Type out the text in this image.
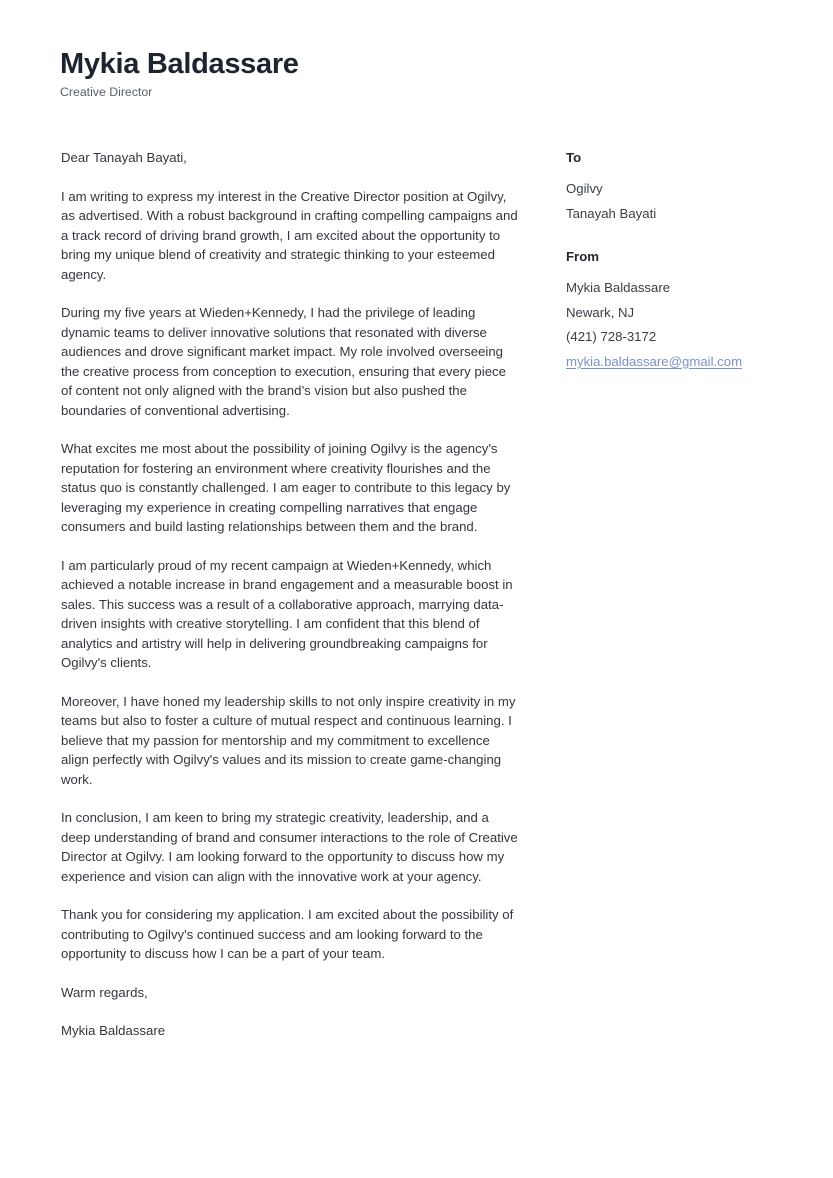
Mykia Baldassare
Creative Director

Dear Tanayah Bayati,

I am writing to express my interest in the Creative Director position at Ogilvy, as advertised. With a robust background in crafting compelling campaigns and a track record of driving brand growth, I am excited about the opportunity to bring my unique blend of creativity and strategic thinking to your esteemed agency.

During my five years at Wieden+Kennedy, I had the privilege of leading dynamic teams to deliver innovative solutions that resonated with diverse audiences and drove significant market impact. My role involved overseeing the creative process from conception to execution, ensuring that every piece of content not only aligned with the brand’s vision but also pushed the boundaries of conventional advertising.

What excites me most about the possibility of joining Ogilvy is the agency's reputation for fostering an environment where creativity flourishes and the status quo is constantly challenged. I am eager to contribute to this legacy by leveraging my experience in creating compelling narratives that engage consumers and build lasting relationships between them and the brand.

I am particularly proud of my recent campaign at Wieden+Kennedy, which achieved a notable increase in brand engagement and a measurable boost in sales. This success was a result of a collaborative approach, marrying data-driven insights with creative storytelling. I am confident that this blend of analytics and artistry will help in delivering groundbreaking campaigns for Ogilvy's clients.

Moreover, I have honed my leadership skills to not only inspire creativity in my teams but also to foster a culture of mutual respect and continuous learning. I believe that my passion for mentorship and my commitment to excellence align perfectly with Ogilvy's values and its mission to create game-changing work.

In conclusion, I am keen to bring my strategic creativity, leadership, and a deep understanding of brand and consumer interactions to the role of Creative Director at Ogilvy. I am looking forward to the opportunity to discuss how my experience and vision can align with the innovative work at your agency.

Thank you for considering my application. I am excited about the possibility of contributing to Ogilvy's continued success and am looking forward to the opportunity to discuss how I can be a part of your team.

Warm regards,

Mykia Baldassare

To
Ogilvy
Tanayah Bayati
From
Mykia Baldassare
Newark, NJ
(421) 728-3172
mykia.baldassare@gmail.com
